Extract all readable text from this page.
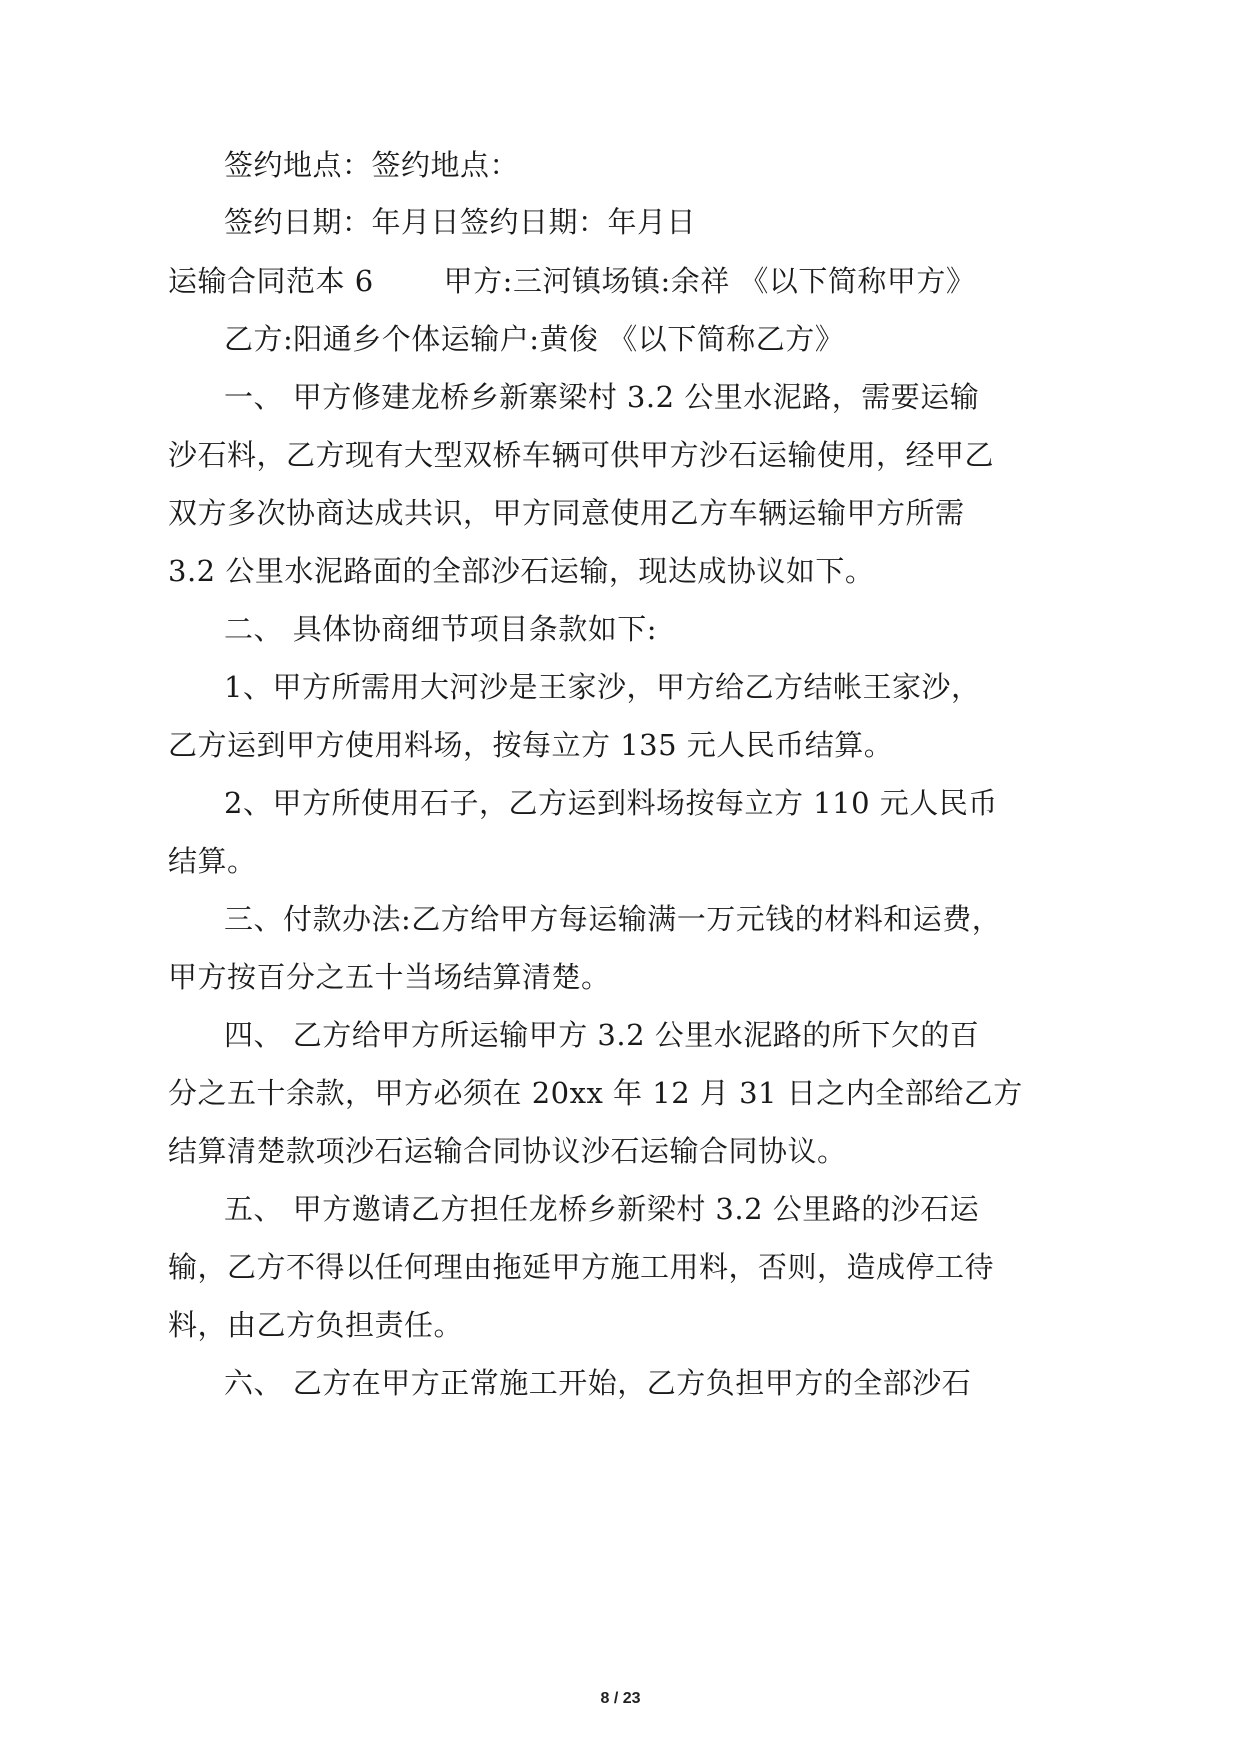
签约地点：签约地点：
签约日期：年月日签约日期：年月日
运输合同范本 6 甲方:三河镇场镇:余祥 《以下简称甲方》
乙方:阳通乡个体运输户:黄俊 《以下简称乙方》
一、 甲方修建龙桥乡新寨梁村 3.2 公里水泥路，需要运输
沙石料，乙方现有大型双桥车辆可供甲方沙石运输使用，经甲乙
双方多次协商达成共识，甲方同意使用乙方车辆运输甲方所需
3.2 公里水泥路面的全部沙石运输，现达成协议如下。
二、 具体协商细节项目条款如下:
1、甲方所需用大河沙是王家沙，甲方给乙方结帐王家沙，
乙方运到甲方使用料场，按每立方 135 元人民币结算。
2、甲方所使用石子，乙方运到料场按每立方 110 元人民币
结算。
三、付款办法:乙方给甲方每运输满一万元钱的材料和运费，
甲方按百分之五十当场结算清楚。
四、 乙方给甲方所运输甲方 3.2 公里水泥路的所下欠的百
分之五十余款，甲方必须在 20xx 年 12 月 31 日之内全部给乙方
结算清楚款项沙石运输合同协议沙石运输合同协议。
五、 甲方邀请乙方担任龙桥乡新梁村 3.2 公里路的沙石运
输，乙方不得以任何理由拖延甲方施工用料，否则，造成停工待
料，由乙方负担责任。
六、 乙方在甲方正常施工开始，乙方负担甲方的全部沙石
8 / 23
